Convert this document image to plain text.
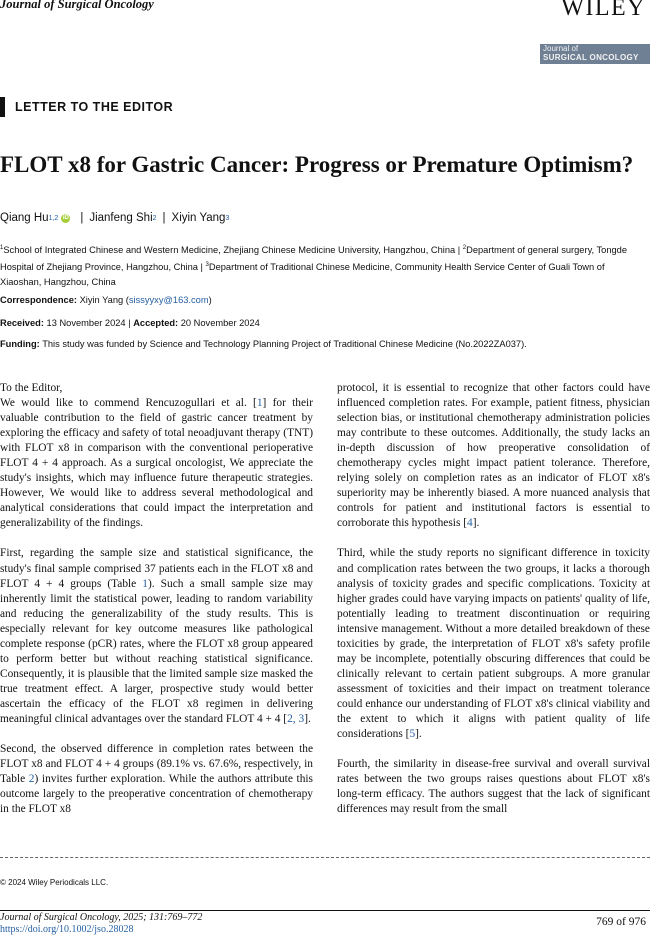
Journal of Surgical Oncology	WILEY
Journal of
SURGICAL ONCOLOGY
LETTER TO THE EDITOR
FLOT x8 for Gastric Cancer: Progress or Premature Optimism?
Qiang Hu 1,2 iD | Jianfeng Shi 2 | Xiyin Yang 3
$^1$School of Integrated Chinese and Western Medicine, Zhejiang Chinese Medicine University, Hangzhou, China | $^2$Department of general surgery, Tongde Hospital of Zhejiang Province, Hangzhou, China | $^3$Department of Traditional Chinese Medicine, Community Health Service Center of Guali Town of Xiaoshan, Hangzhou, China
Correspondence: Xiyin Yang (sissyyxy@163.com)
Received: 13 November 2024 | Accepted: 20 November 2024
Funding: This study was funded by Science and Technology Planning Project of Traditional Chinese Medicine (No.2022ZA037).

To the Editor,
We would like to commend Rencuzogullari et al. [1] for their valuable contribution to the field of gastric cancer treatment by exploring the efficacy and safety of total neoadjuvant therapy (TNT) with FLOT x8 in comparison with the conventional perioperative FLOT 4 + 4 approach. As a surgical oncologist, We appreciate the study's insights, which may influence future therapeutic strategies. However, We would like to address several methodological and analytical considerations that could impact the interpretation and generalizability of the findings.

First, regarding the sample size and statistical significance, the study's final sample comprised 37 patients each in the FLOT x8 and FLOT 4 + 4 groups (Table 1). Such a small sample size may inherently limit the statistical power, leading to random variability and reducing the generalizability of the study results. This is especially relevant for key outcome measures like pathological complete response (pCR) rates, where the FLOT x8 group appeared to perform better but without reaching statistical significance. Consequently, it is plausible that the limited sample size masked the true treatment effect. A larger, prospective study would better ascertain the efficacy of the FLOT x8 regimen in delivering meaningful clinical advantages over the standard FLOT 4 + 4 [2, 3].

Second, the observed difference in completion rates between the FLOT x8 and FLOT 4 + 4 groups (89.1% vs. 67.6%, respectively, in Table 2) invites further exploration. While the authors attribute this outcome largely to the preoperative concentration of chemotherapy in the FLOT x8

protocol, it is essential to recognize that other factors could have influenced completion rates. For example, patient fitness, physician selection bias, or institutional chemotherapy administration policies may contribute to these outcomes. Additionally, the study lacks an in-depth discussion of how preoperative consolidation of chemotherapy cycles might impact patient tolerance. Therefore, relying solely on completion rates as an indicator of FLOT x8's superiority may be inherently biased. A more nuanced analysis that controls for patient and institutional factors is essential to corroborate this hypothesis [4].

Third, while the study reports no significant difference in toxicity and complication rates between the two groups, it lacks a thorough analysis of toxicity grades and specific complications. Toxicity at higher grades could have varying impacts on patients' quality of life, potentially leading to treatment discontinuation or requiring intensive management. Without a more detailed breakdown of these toxicities by grade, the interpretation of FLOT x8's safety profile may be incomplete, potentially obscuring differences that could be clinically relevant to certain patient subgroups. A more granular assessment of toxicities and their impact on treatment tolerance could enhance our understanding of FLOT x8's clinical viability and the extent to which it aligns with patient quality of life considerations [5].

Fourth, the similarity in disease-free survival and overall survival rates between the two groups raises questions about FLOT x8's long-term efficacy. The authors suggest that the lack of significant differences may result from the small

© 2024 Wiley Periodicals LLC.
Journal of Surgical Oncology, 2025; 131:769–772
https://doi.org/10.1002/jso.28028
769 of 976
